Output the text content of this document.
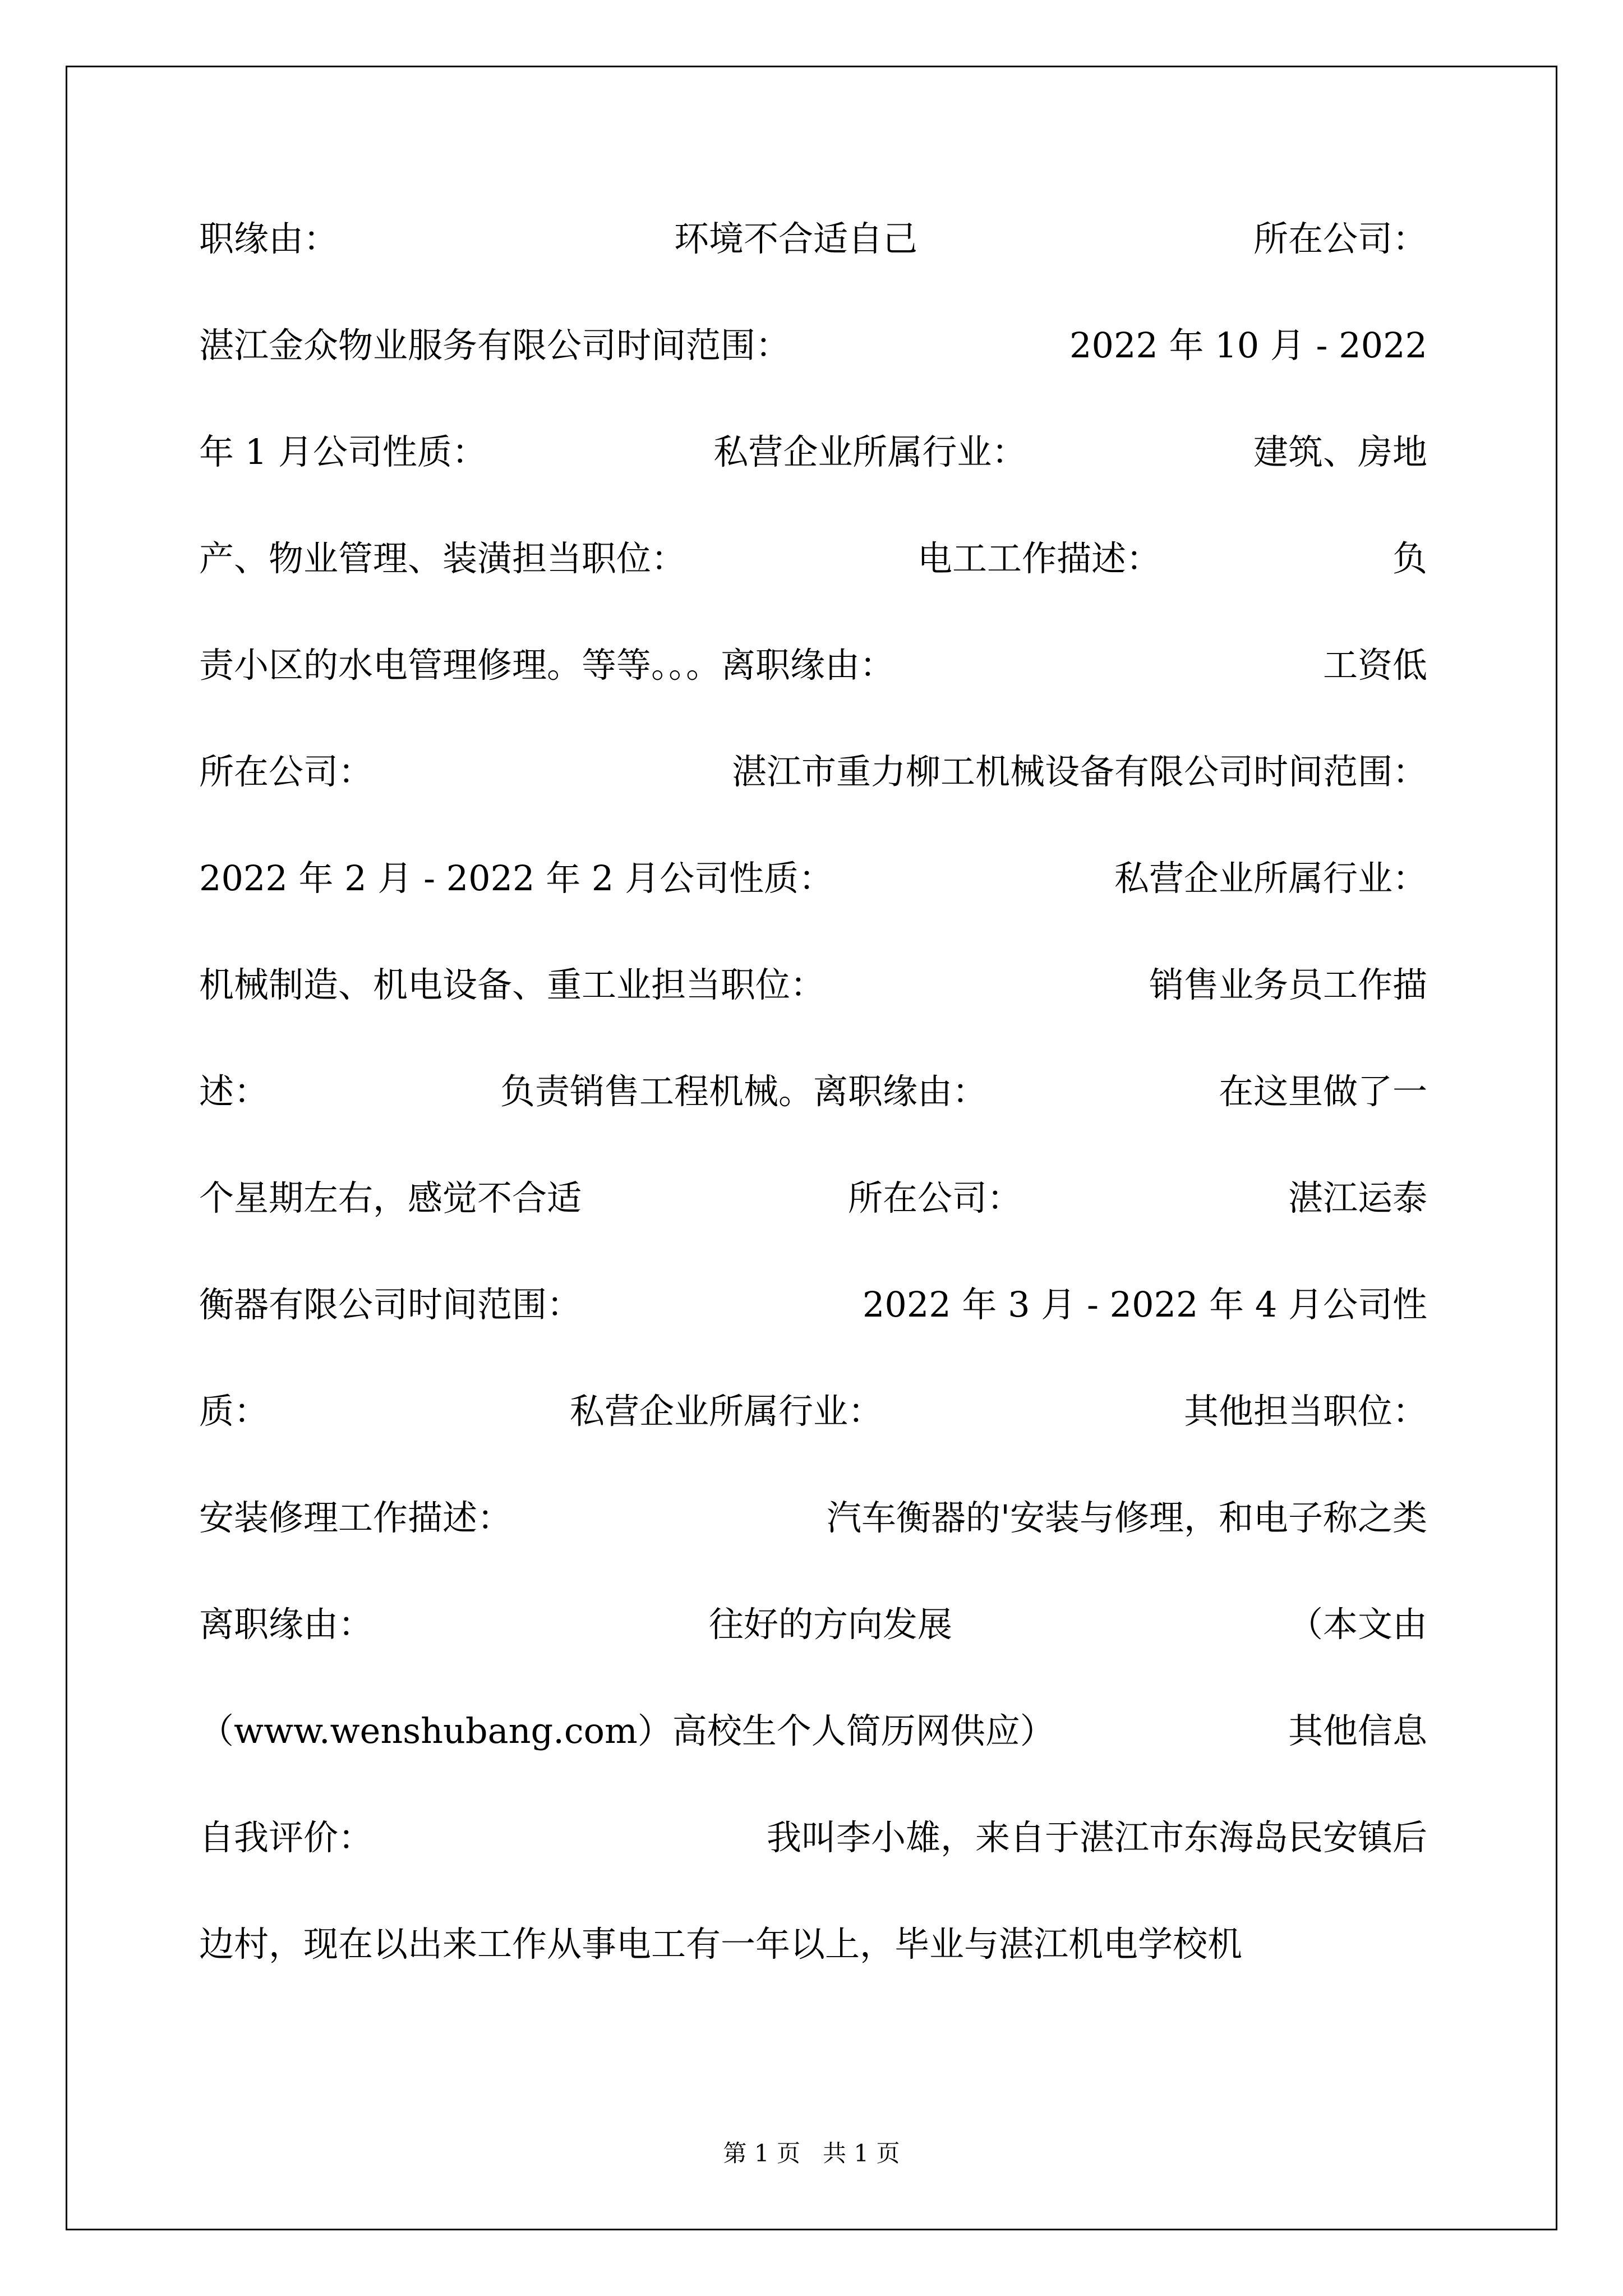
职缘由：	环境不合适自己	所在公司：
湛江金众物业服务有限公司时间范围：	2022 年 10 月 - 2022
年 1 月公司性质：	私营企业所属行业：	建筑、房地
产、物业管理、装潢担当职位：	电工工作描述：	负
责小区的水电管理修理。等等。。。离职缘由：	工资低
所在公司：	湛江市重力柳工机械设备有限公司时间范围：
2022 年 2 月 - 2022 年 2 月公司性质：	私营企业所属行业：
机械制造、机电设备、重工业担当职位：	销售业务员工作描
述：	负责销售工程机械。离职缘由：	在这里做了一
个星期左右，感觉不合适	所在公司：	湛江运泰
衡器有限公司时间范围：	2022 年 3 月 - 2022 年 4 月公司性
质：	私营企业所属行业：	其他担当职位：
安装修理工作描述：	汽车衡器的'安装与修理，和电子称之类
离职缘由：	往好的方向发展	（本文由
（www.wenshubang.com）高校生个人简历网供应）	其他信息
自我评价：	我叫李小雄，来自于湛江市东海岛民安镇后
边村，现在以出来工作从事电工有一年以上，毕业与湛江机电学校机
第 1 页   共 1 页
